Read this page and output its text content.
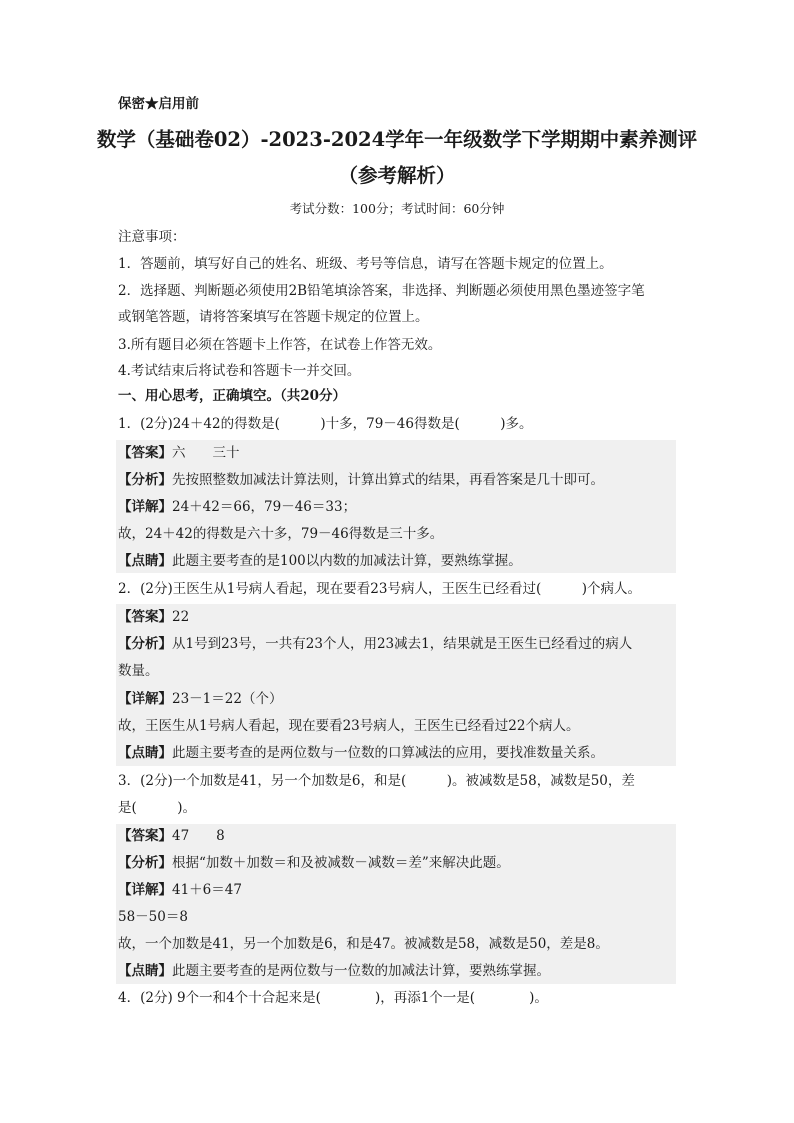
保密★启用前
数学（基础卷02）-2023-2024学年一年级数学下学期期中素养测评
（参考解析）
考试分数：100分；考试时间：60分钟
注意事项：
1．答题前，填写好自己的姓名、班级、考号等信息，请写在答题卡规定的位置上。
2．选择题、判断题必须使用2B铅笔填涂答案，非选择、判断题必须使用黑色墨迹签字笔
或钢笔答题，请将答案填写在答题卡规定的位置上。
3.所有题目必须在答题卡上作答，在试卷上作答无效。
4.考试结束后将试卷和答题卡一并交回。
一、用心思考，正确填空。（共20分）
1．(2分)24＋42的得数是(　　　)十多，79－46得数是(　　　)多。
【答案】六　　三十
【分析】先按照整数加减法计算法则，计算出算式的结果，再看答案是几十即可。
【详解】24＋42＝66，79－46＝33；
故，24＋42的得数是六十多，79－46得数是三十多。
【点睛】此题主要考查的是100以内数的加减法计算，要熟练掌握。
2．(2分)王医生从1号病人看起，现在要看23号病人，王医生已经看过(　　　)个病人。
【答案】22
【分析】从1号到23号，一共有23个人，用23减去1，结果就是王医生已经看过的病人
数量。
【详解】23－1＝22（个）
故，王医生从1号病人看起，现在要看23号病人，王医生已经看过22个病人。
【点睛】此题主要考查的是两位数与一位数的口算减法的应用，要找准数量关系。
3．(2分)一个加数是41，另一个加数是6，和是(　　　)。被减数是58，减数是50，差
是(　　　)。
【答案】47　　8
【分析】根据“加数＋加数＝和及被减数－减数＝差”来解决此题。
【详解】41＋6＝47
58－50＝8
故，一个加数是41，另一个加数是6，和是47。被减数是58，减数是50，差是8。
【点睛】此题主要考查的是两位数与一位数的加减法计算，要熟练掌握。
4．(2分) 9个一和4个十合起来是(　　　　)，再添1个一是(　　　　)。
